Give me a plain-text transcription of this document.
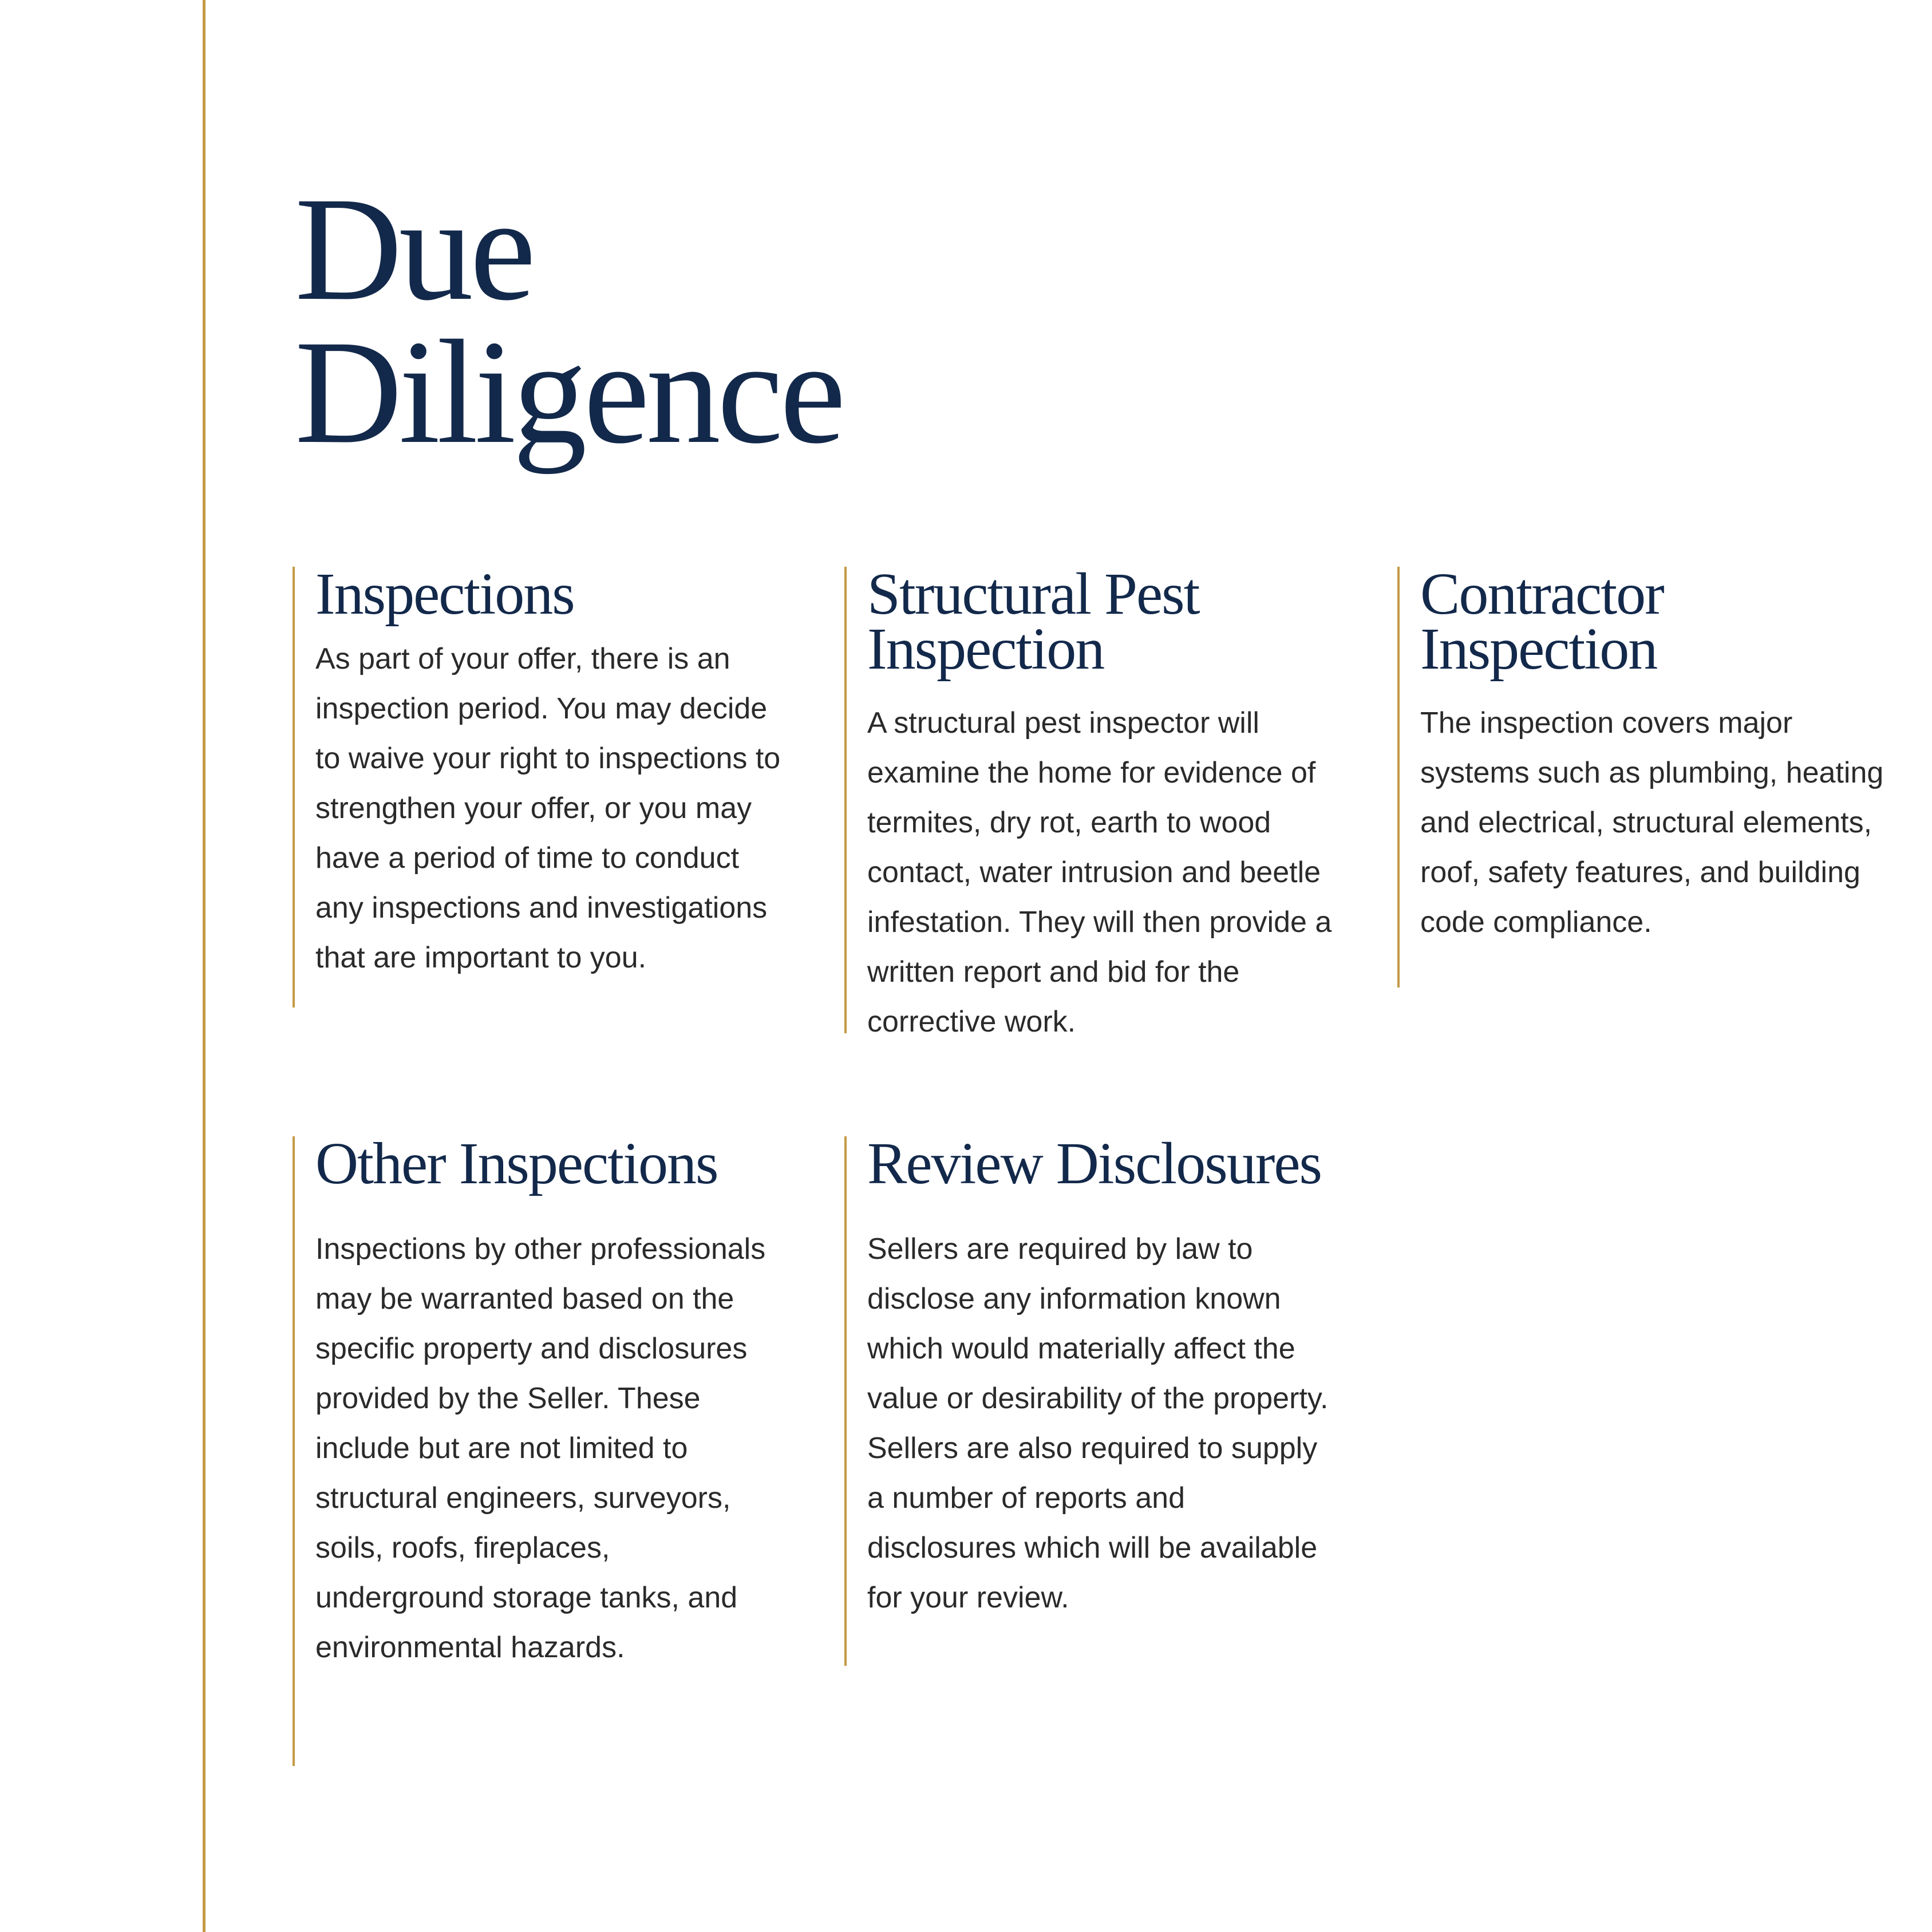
Due
Diligence
Inspections

As part of your offer, there is an inspection period. You may decide to waive your right to inspections to strengthen your offer, or you may have a period of time to conduct any inspections and investigations that are important to you.

Structural Pest
Inspection

A structural pest inspector will examine the home for evidence of termites, dry rot, earth to wood contact, water intrusion and beetle infestation. They will then provide a written report and bid for the corrective work.

Contractor
Inspection

The inspection covers major systems such as plumbing, heating and electrical, structural elements, roof, safety features, and building code compliance.

Other Inspections

Inspections by other professionals may be warranted based on the specific property and disclosures provided by the Seller. These include but are not limited to structural engineers, surveyors, soils, roofs, fireplaces, underground storage tanks, and environmental hazards.

Review Disclosures

Sellers are required by law to disclose any information known which would materially affect the value or desirability of the property. Sellers are also required to supply a number of reports and disclosures which will be available for your review.
